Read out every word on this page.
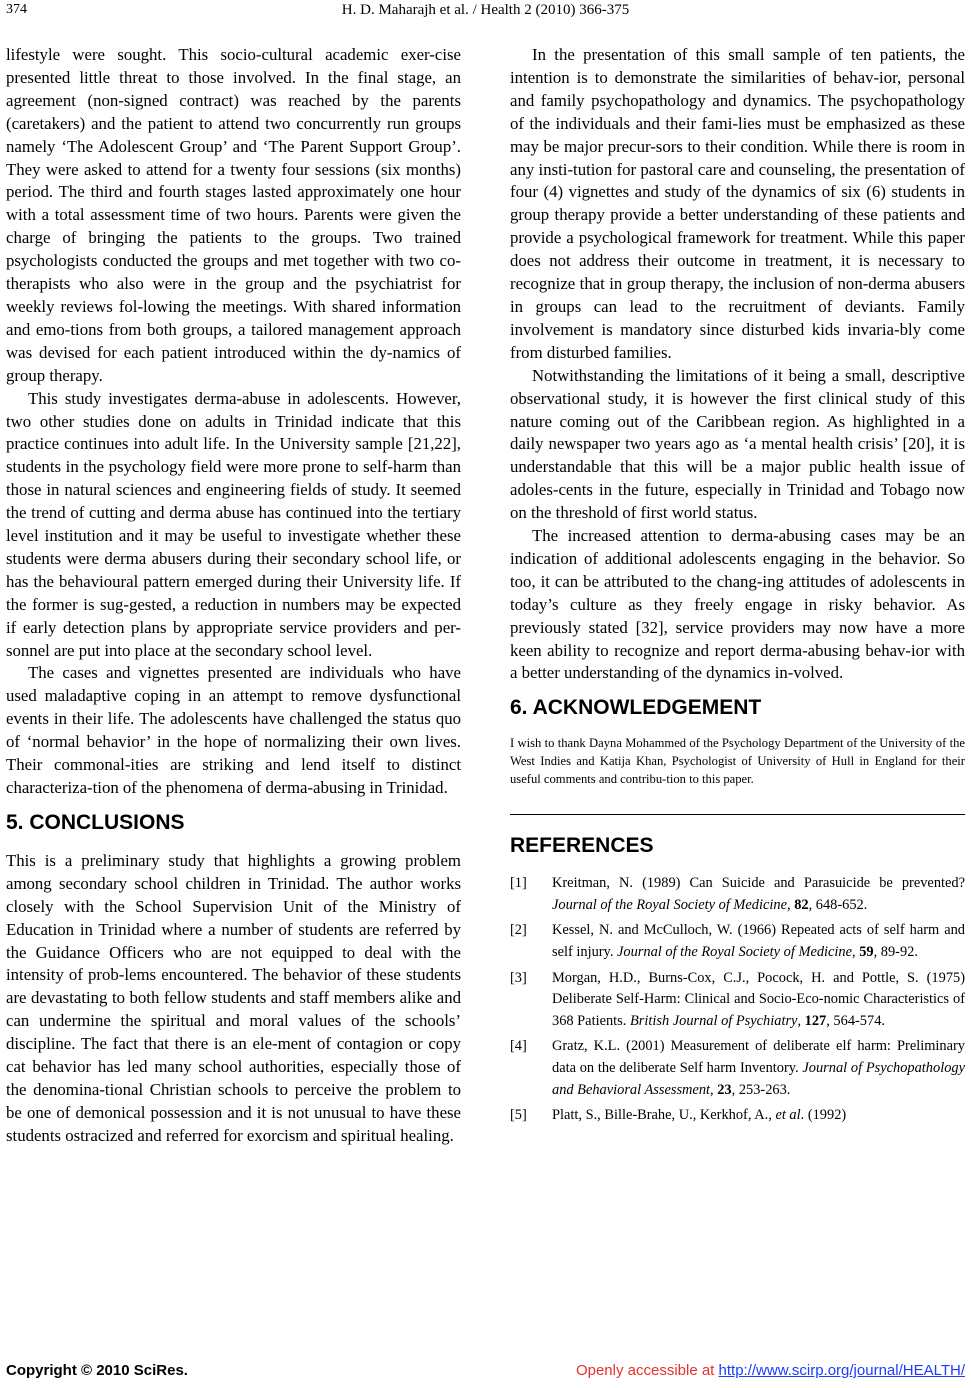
374	H. D. Maharajh et al. / Health 2 (2010) 366-375

lifestyle were sought. This socio-cultural academic exer-cise presented little threat to those involved. In the final stage, an agreement (non-signed contract) was reached by the parents (caretakers) and the patient to attend two concurrently run groups namely ‘The Adolescent Group’ and ‘The Parent Support Group’. They were asked to attend for a twenty four sessions (six months) period. The third and fourth stages lasted approximately one hour with a total assessment time of two hours. Parents were given the charge of bringing the patients to the groups. Two trained psychologists conducted the groups and met together with two co-therapists who also were in the group and the psychiatrist for weekly reviews fol-lowing the meetings. With shared information and emo-tions from both groups, a tailored management approach was devised for each patient introduced within the dy-namics of group therapy.

This study investigates derma-abuse in adolescents. However, two other studies done on adults in Trinidad indicate that this practice continues into adult life. In the University sample [21,22], students in the psychology field were more prone to self-harm than those in natural sciences and engineering fields of study. It seemed the trend of cutting and derma abuse has continued into the tertiary level institution and it may be useful to investigate whether these students were derma abusers during their secondary school life, or has the behavioural pattern emerged during their University life. If the former is sug-gested, a reduction in numbers may be expected if early detection plans by appropriate service providers and per-sonnel are put into place at the secondary school level.

The cases and vignettes presented are individuals who have used maladaptive coping in an attempt to remove dysfunctional events in their life. The adolescents have challenged the status quo of ‘normal behavior’ in the hope of normalizing their own lives. Their commonal-ities are striking and lend itself to distinct characteriza-tion of the phenomena of derma-abusing in Trinidad.

5. CONCLUSIONS

This is a preliminary study that highlights a growing problem among secondary school children in Trinidad. The author works closely with the School Supervision Unit of the Ministry of Education in Trinidad where a number of students are referred by the Guidance Officers who are not equipped to deal with the intensity of prob-lems encountered. The behavior of these students are devastating to both fellow students and staff members alike and can undermine the spiritual and moral values of the schools’ discipline. The fact that there is an ele-ment of contagion or copy cat behavior has led many school authorities, especially those of the denomina-tional Christian schools to perceive the problem to be one of demonical possession and it is not unusual to have these students ostracized and referred for exorcism and spiritual healing.

In the presentation of this small sample of ten patients, the intention is to demonstrate the similarities of behav-ior, personal and family psychopathology and dynamics. The psychopathology of the individuals and their fami-lies must be emphasized as these may be major precur-sors to their condition. While there is room in any insti-tution for pastoral care and counseling, the presentation of four (4) vignettes and study of the dynamics of six (6) students in group therapy provide a better understanding of these patients and provide a psychological framework for treatment. While this paper does not address their outcome in treatment, it is necessary to recognize that in group therapy, the inclusion of non-derma abusers in groups can lead to the recruitment of deviants. Family involvement is mandatory since disturbed kids invaria-bly come from disturbed families.

Notwithstanding the limitations of it being a small, descriptive observational study, it is however the first clinical study of this nature coming out of the Caribbean region. As highlighted in a daily newspaper two years ago as ‘a mental health crisis’ [20], it is understandable that this will be a major public health issue of adoles-cents in the future, especially in Trinidad and Tobago now on the threshold of first world status.

The increased attention to derma-abusing cases may be an indication of additional adolescents engaging in the behavior. So too, it can be attributed to the chang-ing attitudes of adolescents in today’s culture as they freely engage in risky behavior. As previously stated [32], service providers may now have a more keen ability to recognize and report derma-abusing behav-ior with a better understanding of the dynamics in-volved.

6. ACKNOWLEDGEMENT

I wish to thank Dayna Mohammed of the Psychology Department of the University of the West Indies and Katija Khan, Psychologist of University of Hull in England for their useful comments and contribu-tion to this paper.

REFERENCES
[1]	Kreitman, N. (1989) Can Suicide and Parasuicide be prevented? Journal of the Royal Society of Medicine, 82, 648-652.
[2]	Kessel, N. and McCulloch, W. (1966) Repeated acts of self harm and self injury. Journal of the Royal Society of Medicine, 59, 89-92.
[3]	Morgan, H.D., Burns-Cox, C.J., Pocock, H. and Pottle, S. (1975) Deliberate Self-Harm: Clinical and Socio-Eco-nomic Characteristics of 368 Patients. British Journal of Psychiatry, 127, 564-574.
[4]	Gratz, K.L. (2001) Measurement of deliberate elf harm: Preliminary data on the deliberate Self harm Inventory. Journal of Psychopathology and Behavioral Assessment, 23, 253-263.
[5]	Platt, S., Bille-Brahe, U., Kerkhof, A., et al. (1992)
Copyright © 2010 SciRes.	Openly accessible at http://www.scirp.org/journal/HEALTH/
